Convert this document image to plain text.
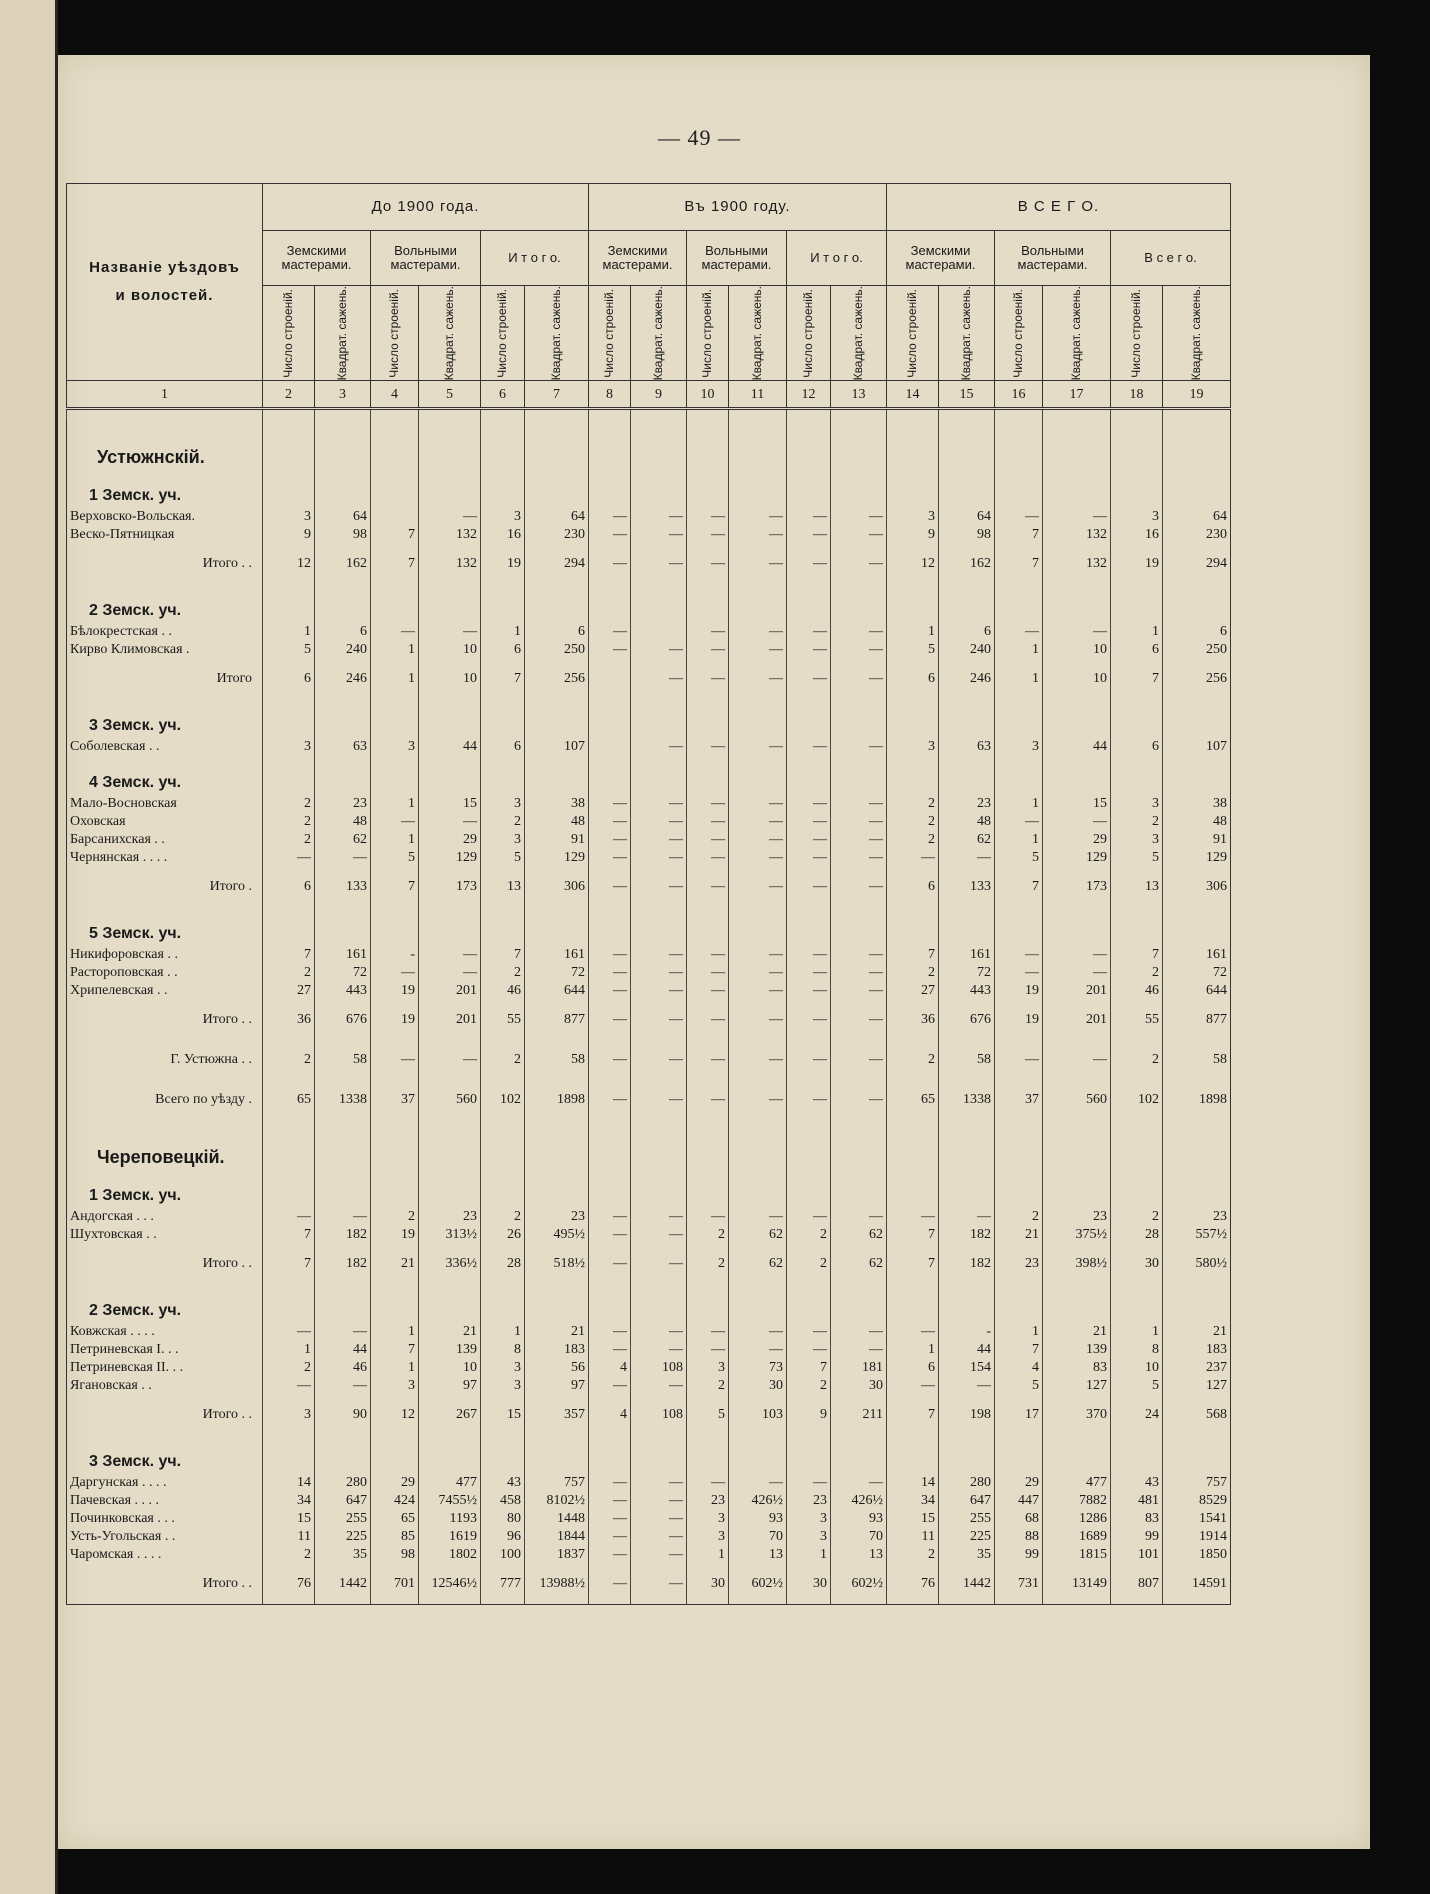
— 49 —
Названіе уѣздовъ
и волостей.	До 1900 года.						Въ 1900 году.						В С Е Г О.					
	Земскими мастерами.		Вольными мастерами.		И т о г о.		Земскими мастерами.		Вольными мастерами.		И т о г о.		Земскими мастерами.		Вольными мастерами.		В с е г о.	

	Число строеній.	Квадрат. сажень.	Число строеній.	Квадрат. сажень.	Число строеній.	Квадрат. сажень.	Число строеній.	Квадрат. сажень.	Число строеній.	Квадрат. сажень.	Число строеній.	Квадрат. сажень.	Число строеній.	Квадрат. сажень.	Число строеній.	Квадрат. сажень.	Число строеній.	Квадрат. сажень.

1	2	3	4	5	6	7	8	9	10	11	12	13	14	15	16	17	18	19

Устюжнскій.																		
1 Земск. уч.																		
Верховско-Вольская.	3	64		—	3	64	—	—	—	—	—	—	3	64	—	—	3	64
Веско-Пятницкая	9	98	7	132	16	230	—	—	—	—	—	—	9	98	7	132	16	230
Итого . .	12	162	7	132	19	294	—	—	—	—	—	—	12	162	7	132	19	294
2 Земск. уч.																		
Бѣлокрестская . .	1	6	—	—	1	6	—		—	—	—	—	1	6	—	—	1	6
Кирво Климовская .	5	240	1	10	6	250	—	—	—	—	—	—	5	240	1	10	6	250
Итого	6	246	1	10	7	256		—	—	—	—	—	6	246	1	10	7	256
3 Земск. уч.																		
Соболевская . .	3	63	3	44	6	107		—	—	—	—	—	3	63	3	44	6	107
4 Земск. уч.																		
Мало-Восновская	2	23	1	15	3	38	—	—	—	—	—	—	2	23	1	15	3	38
Оховская	2	48	—	—	2	48	—	—	—	—	—	—	2	48	—	—	2	48
Барсанихская . .	2	62	1	29	3	91	—	—	—	—	—	—	2	62	1	29	3	91
Чернянская . . . .	—	—	5	129	5	129	—	—	—	—	—	—	—	—	5	129	5	129
Итого .	6	133	7	173	13	306	—	—	—	—	—	—	6	133	7	173	13	306
5 Земск. уч.																		
Никифоровская . .	7	161	-	—	7	161	—	—	—	—	—	—	7	161	—	—	7	161
Растороповская . .	2	72	—	—	2	72	—	—	—	—	—	—	2	72	—	—	2	72
Хрипелевская . .	27	443	19	201	46	644	—	—	—	—	—	—	27	443	19	201	46	644
Итого . .	36	676	19	201	55	877	—	—	—	—	—	—	36	676	19	201	55	877
Г. Устюжна . .	2	58	—	—	2	58	—	—	—	—	—	—	2	58	—	—	2	58
Всего по уѣзду .	65	1338	37	560	102	1898	—	—	—	—	—	—	65	1338	37	560	102	1898
Череповецкій.																		
1 Земск. уч.																		
Андогская . . .	—	—	2	23	2	23	—	—	—	—	—	—	—	—	2	23	2	23
Шухтовская . .	7	182	19	313½	26	495½	—	—	2	62	2	62	7	182	21	375½	28	557½
Итого . .	7	182	21	336½	28	518½	—	—	2	62	2	62	7	182	23	398½	30	580½
2 Земск. уч.																		
Ковжская . . . .	—	—	1	21	1	21	—	—	—	—	—	—	—	-	1	21	1	21
Петриневская I. . .	1	44	7	139	8	183	—	—	—	—	—	—	1	44	7	139	8	183
Петриневская II. . .	2	46	1	10	3	56	4	108	3	73	7	181	6	154	4	83	10	237
Ягановская . .	—	—	3	97	3	97	—	—	2	30	2	30	—	—	5	127	5	127
Итого . .	3	90	12	267	15	357	4	108	5	103	9	211	7	198	17	370	24	568
3 Земск. уч.																		
Даргунская . . . .	14	280	29	477	43	757	—	—	—	—	—	—	14	280	29	477	43	757
Пачевская . . . .	34	647	424	7455½	458	8102½	—	—	23	426½	23	426½	34	647	447	7882	481	8529
Починковская . . .	15	255	65	1193	80	1448	—	—	3	93	3	93	15	255	68	1286	83	1541
Усть-Угольская . .	11	225	85	1619	96	1844	—	—	3	70	3	70	11	225	88	1689	99	1914
Чаромская . . . .	2	35	98	1802	100	1837	—	—	1	13	1	13	2	35	99	1815	101	1850
Итого . .	76	1442	701	12546½	777	13988½	—	—	30	602½	30	602½	76	1442	731	13149	807	14591
